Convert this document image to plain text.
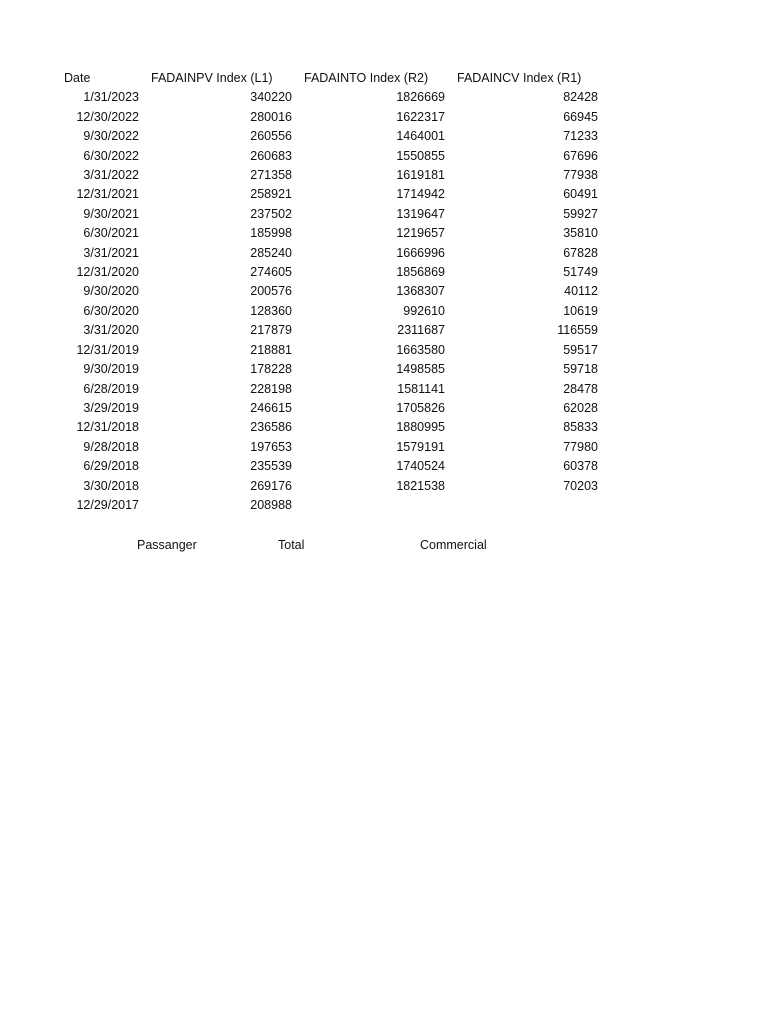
Date	FADAINPV Index (L1)	FADAINTO Index (R2)	FADAINCV Index (R1)
1/31/2023	340220	1826669	82428
12/30/2022	280016	1622317	66945
9/30/2022	260556	1464001	71233
6/30/2022	260683	1550855	67696
3/31/2022	271358	1619181	77938
12/31/2021	258921	1714942	60491
9/30/2021	237502	1319647	59927
6/30/2021	185998	1219657	35810
3/31/2021	285240	1666996	67828
12/31/2020	274605	1856869	51749
9/30/2020	200576	1368307	40112
6/30/2020	128360	992610	10619
3/31/2020	217879	2311687	116559
12/31/2019	218881	1663580	59517
9/30/2019	178228	1498585	59718
6/28/2019	228198	1581141	28478
3/29/2019	246615	1705826	62028
12/31/2018	236586	1880995	85833
9/28/2018	197653	1579191	77980
6/29/2018	235539	1740524	60378
3/30/2018	269176	1821538	70203
12/29/2017	208988		
Passanger	Total	Commercial
